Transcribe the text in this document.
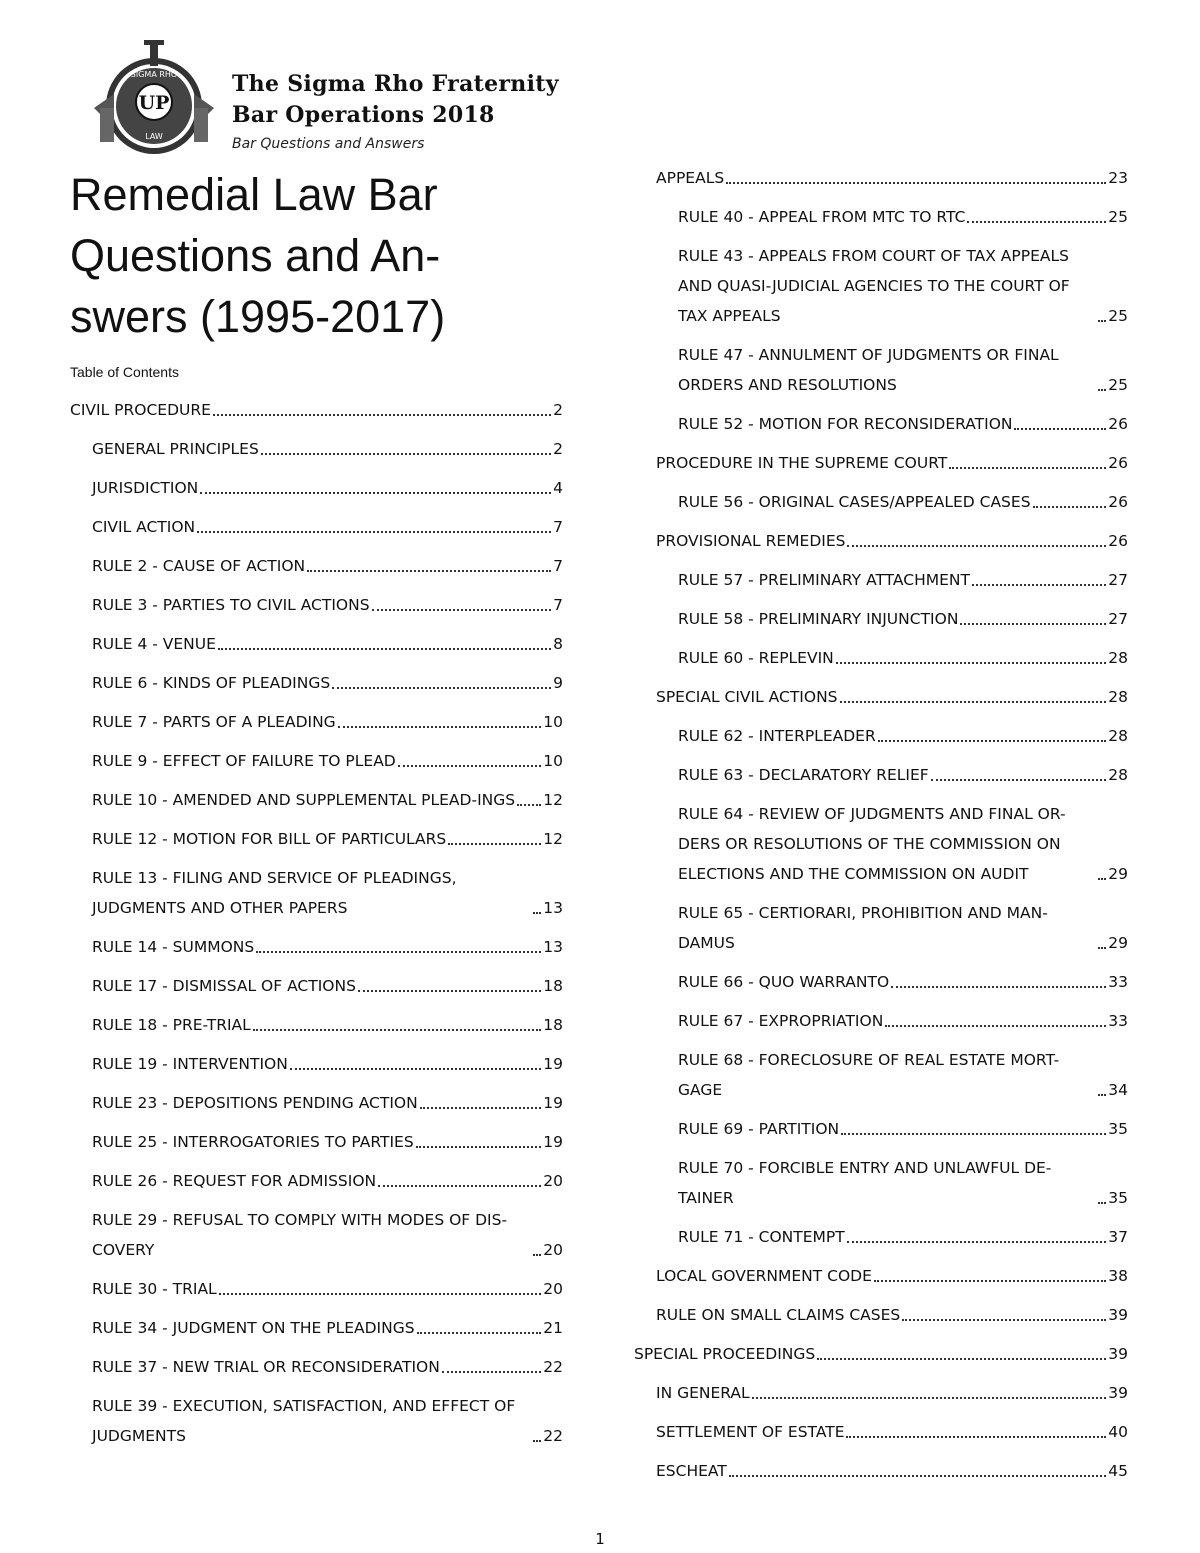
UP
SIGMA RHO
LAW
The Sigma Rho Fraternity
Bar Operations 2018
Bar Questions and Answers
Remedial Law Bar Questions and An-swers (1995-2017)
Table of Contents
CIVIL PROCEDURE	2
GENERAL PRINCIPLES	2
JURISDICTION	4
CIVIL ACTION	7
RULE 2 - CAUSE OF ACTION	7
RULE 3 - PARTIES TO CIVIL ACTIONS	7
RULE 4 - VENUE	8
RULE 6 - KINDS OF PLEADINGS	9
RULE 7 - PARTS OF A PLEADING	10
RULE 9 - EFFECT OF FAILURE TO PLEAD	10
RULE 10 - AMENDED AND SUPPLEMENTAL PLEAD-INGS 12
RULE 12 - MOTION FOR BILL OF PARTICULARS	12
RULE 13 - FILING AND SERVICE OF PLEADINGS, JUDGMENTS AND OTHER PAPERS	13
RULE 14 - SUMMONS	13
RULE 17 - DISMISSAL OF ACTIONS	18
RULE 18 - PRE-TRIAL	18
RULE 19 - INTERVENTION	19
RULE 23 - DEPOSITIONS PENDING ACTION	19
RULE 25 - INTERROGATORIES TO PARTIES	19
RULE 26 - REQUEST FOR ADMISSION	20
RULE 29 - REFUSAL TO COMPLY WITH MODES OF DIS-COVERY	20
RULE 30 - TRIAL	20
RULE 34 - JUDGMENT ON THE PLEADINGS	21
RULE 37 - NEW TRIAL OR RECONSIDERATION	22
RULE 39 - EXECUTION, SATISFACTION, AND EFFECT OF JUDGMENTS	22
APPEALS	23
RULE 40 - APPEAL FROM MTC TO RTC	25
RULE 43 - APPEALS FROM COURT OF TAX APPEALS AND QUASI-JUDICIAL AGENCIES TO THE COURT OF TAX APPEALS	25
RULE 47 - ANNULMENT OF JUDGMENTS OR FINAL ORDERS AND RESOLUTIONS	25
RULE 52 - MOTION FOR RECONSIDERATION	26
PROCEDURE IN THE SUPREME COURT	26
RULE 56 - ORIGINAL CASES/APPEALED CASES	26
PROVISIONAL REMEDIES	26
RULE 57 - PRELIMINARY ATTACHMENT	27
RULE 58 - PRELIMINARY INJUNCTION	27
RULE 60 - REPLEVIN	28
SPECIAL CIVIL ACTIONS	28
RULE 62 - INTERPLEADER	28
RULE 63 - DECLARATORY RELIEF	28
RULE 64 - REVIEW OF JUDGMENTS AND FINAL OR-DERS OR RESOLUTIONS OF THE COMMISSION ON ELECTIONS AND THE COMMISSION ON AUDIT	29
RULE 65 - CERTIORARI, PROHIBITION AND MAN-DAMUS	29
RULE 66 - QUO WARRANTO	33
RULE 67 - EXPROPRIATION	33
RULE 68 - FORECLOSURE OF REAL ESTATE MORT-GAGE	34
RULE 69 - PARTITION	35
RULE 70 - FORCIBLE ENTRY AND UNLAWFUL DE-TAINER	35
RULE 71 - CONTEMPT	37
LOCAL GOVERNMENT CODE	38
RULE ON SMALL CLAIMS CASES	39
SPECIAL PROCEEDINGS	39
IN GENERAL	39
SETTLEMENT OF ESTATE	40
ESCHEAT	45
1
